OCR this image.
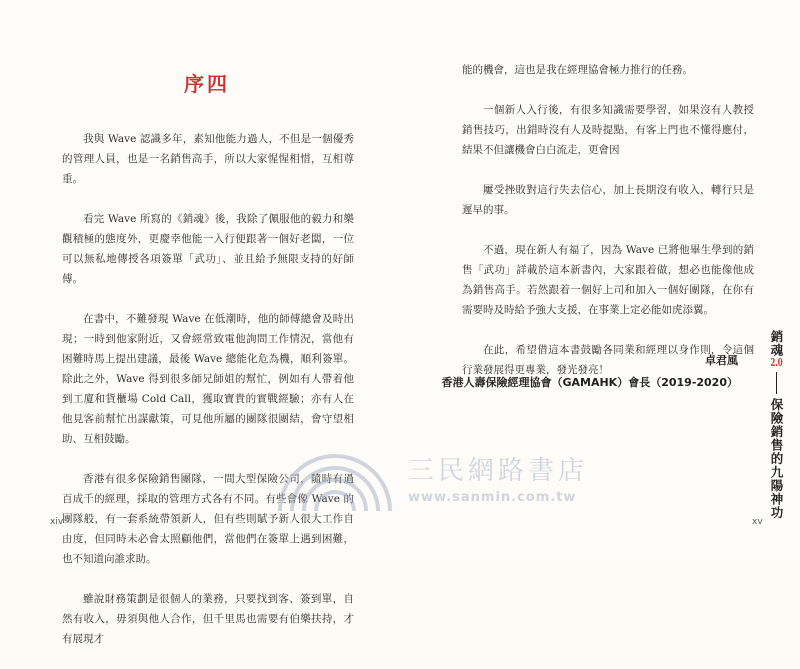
序四

我與 Wave 認識多年，素知他能力過人，不但是一個優秀的管理人員，也是一名銷售高手，所以大家惺惺相惜，互相尊重。

看完 Wave 所寫的《銷魂》後，我除了佩服他的毅力和樂觀積極的態度外，更慶幸他能一入行便跟著一個好老闆，一位可以無私地傳授各項簽單「武功」、並且給予無限支持的好師傅。

在書中，不難發現 Wave 在低潮時，他的師傅總會及時出現；一時到他家附近，又會經常致電他詢問工作情況，當他有困難時馬上提出建議，最後 Wave 總能化危為機，順利簽單。除此之外，Wave 得到很多師兄師姐的幫忙，例如有人帶着他到工廈和貨櫃場 Cold Call，獲取寶貴的實戰經驗；亦有人在他見客前幫忙出謀獻策，可見他所屬的團隊很團結，會守望相助、互相鼓勵。

香港有很多保險銷售團隊，一間大型保險公司，隨時有過百成千的經理，採取的管理方式各有不同。有些會像 Wave 的團隊般，有一套系統帶領新人，但有些則賦予新人很大工作自由度，但同時未必會太照顧他們，當他們在簽單上遇到困難，也不知道向誰求助。

雖說財務策劃是很個人的業務，只要找到客、簽到單，自然有收入，毋須與他人合作，但千里馬也需要有伯樂扶持，才有展現才

xiv

能的機會，這也是我在經理協會極力推行的任務。

一個新人入行後，有很多知識需要學習，如果沒有人教授銷售技巧，出錯時沒有人及時提點，有客上門也不懂得應付，結果不但讓機會白白流走，更會因

屢受挫敗對這行失去信心，加上長期沒有收入，轉行只是遲早的事。

不過，現在新人有福了，因為 Wave 已將他畢生學到的銷售「武功」詳載於這本新書內，大家跟着做，想必也能像他成為銷售高手。若然跟着一個好上司和加入一個好團隊，在你有需要時及時給予強大支援，在事業上定必能如虎添翼。

在此，希望借這本書鼓勵各同業和經理以身作則，令這個行業發展得更專業，發光發亮！

卓君風
香港人壽保險經理協會（GAMAHK）會長（2019-2020）
銷魂2.0保險銷售的九陽神功
xv
三民網路書店
www.sanmin.com.tw
